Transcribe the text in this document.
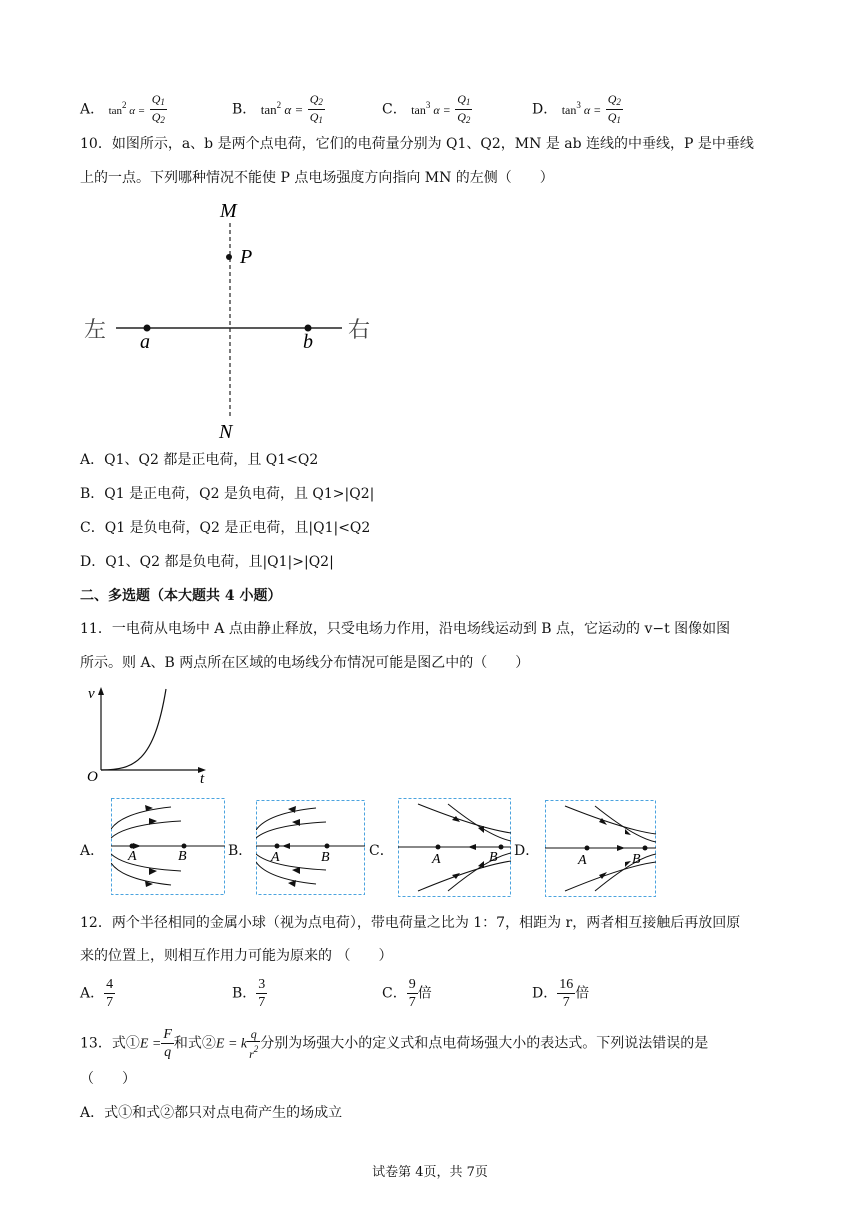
A． $\tan^2 \alpha = \frac{Q_1}{Q_2}$	B． $\tan^2 \alpha = \frac{Q_2}{Q_1}$	C． $\tan^3 \alpha = \frac{Q_1}{Q_2}$	D． $\tan^3 \alpha = \frac{Q_2}{Q_1}$
10．如图所示，a、b 是两个点电荷，它们的电荷量分别为 Q1、Q2，MN 是 ab 连线的中垂线，P 是中垂线
上的一点。下列哪种情况不能使 P 点电场强度方向指向 MN 的左侧（　　）
M
P
N
a	b
左	右
A．Q1、Q2 都是正电荷，且 Q1<Q2
B．Q1 是正电荷，Q2 是负电荷，且 Q1>|Q2|
C．Q1 是负电荷，Q2 是正电荷，且|Q1|<Q2
D．Q1、Q2 都是负电荷，且|Q1|>|Q2|
二、多选题（本大题共 4 小题）
11．一电荷从电场中 A 点由静止释放，只受电场力作用，沿电场线运动到 B 点，它运动的 v−t 图像如图
所示。则 A、B 两点所在区域的电场线分布情况可能是图乙中的（　　）
v
t
O
A． A	B	B． A	B	C．
A	B D．
A	B
12．两个半径相同的金属小球（视为点电荷），带电荷量之比为 1：7，相距为 r，两者相互接触后再放回原
来的位置上，则相互作用力可能为原来的 （　　）
A． $\frac{4}{7}$	B． $\frac{3}{7}$	C． $\frac{9}{7}$ 倍	D． $\frac{16}{7}$ 倍
13．式①E = $\frac{F}{q}$ 和式②E = k $\frac{q}{r^2}$ 分别为场强大小的定义式和点电荷场强大小的表达式。下列说法错误的是
（　　）
A．式①和式②都只对点电荷产生的场成立
试卷第 4页，共 7页
